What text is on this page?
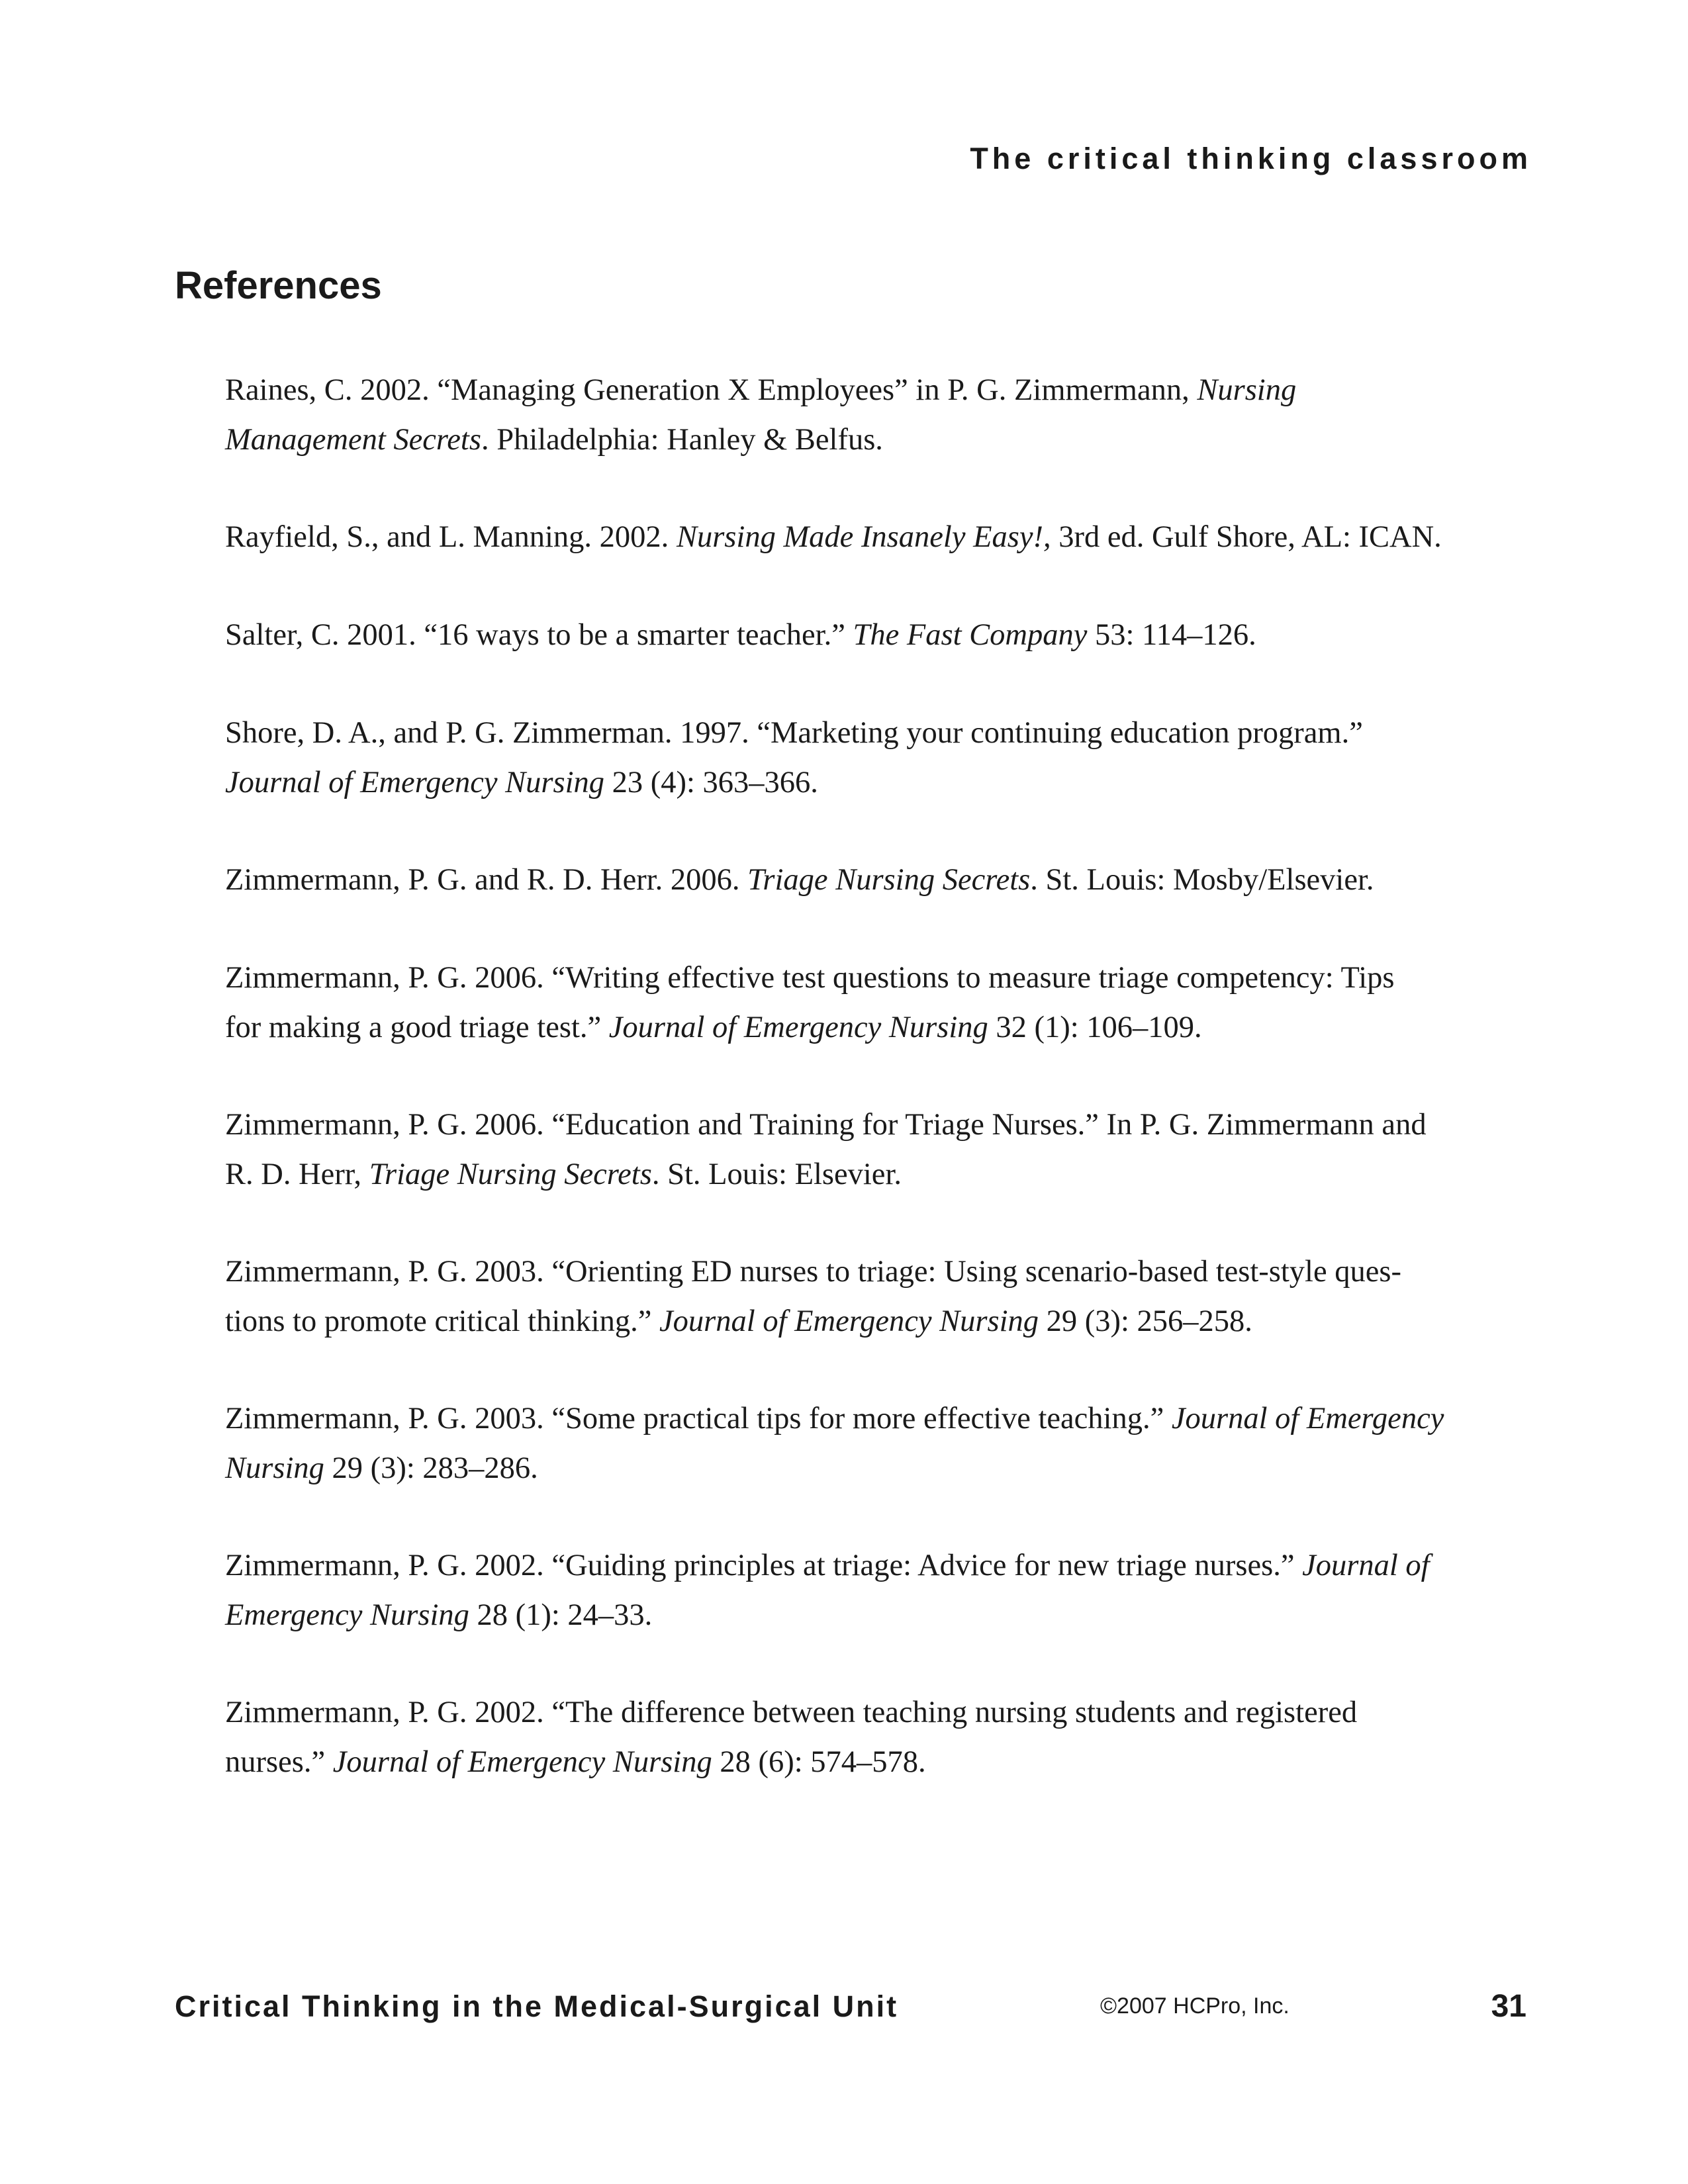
The critical thinking classroom
References
Raines, C. 2002. “Managing Generation X Employees” in P. G. Zimmermann, Nursing
Management Secrets. Philadelphia: Hanley & Belfus.
Rayfield, S., and L. Manning. 2002. Nursing Made Insanely Easy!, 3rd ed. Gulf Shore, AL: ICAN.
Salter, C. 2001. “16 ways to be a smarter teacher.” The Fast Company 53: 114–126.
Shore, D. A., and P. G. Zimmerman. 1997. “Marketing your continuing education program.”
Journal of Emergency Nursing 23 (4): 363–366.
Zimmermann, P. G. and R. D. Herr. 2006. Triage Nursing Secrets. St. Louis: Mosby/Elsevier.
Zimmermann, P. G. 2006. “Writing effective test questions to measure triage competency: Tips
for making a good triage test.” Journal of Emergency Nursing 32 (1): 106–109.
Zimmermann, P. G. 2006. “Education and Training for Triage Nurses.” In P. G. Zimmermann and
R. D. Herr, Triage Nursing Secrets. St. Louis: Elsevier.
Zimmermann, P. G. 2003. “Orienting ED nurses to triage: Using scenario-based test-style ques-
tions to promote critical thinking.” Journal of Emergency Nursing 29 (3): 256–258.
Zimmermann, P. G. 2003. “Some practical tips for more effective teaching.” Journal of Emergency
Nursing 29 (3): 283–286.
Zimmermann, P. G. 2002. “Guiding principles at triage: Advice for new triage nurses.” Journal of
Emergency Nursing 28 (1): 24–33.
Zimmermann, P. G. 2002. “The difference between teaching nursing students and registered
nurses.” Journal of Emergency Nursing 28 (6): 574–578.
Critical Thinking in the Medical-Surgical Unit	©2007 HCPro, Inc.	31
